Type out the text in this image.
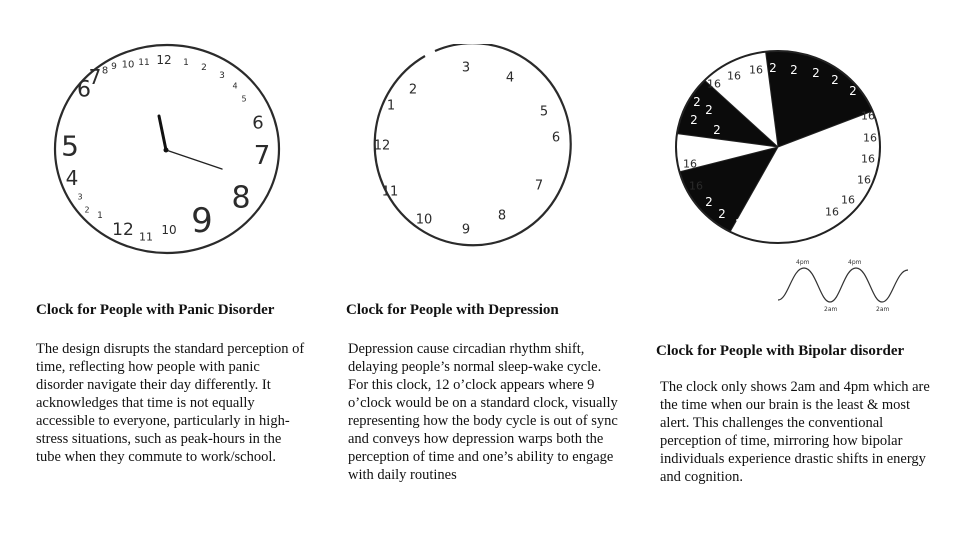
6
7 8 9 10 11 12 1 2
3
4
5
6
7
8
9
10
11
12
1
2
3
4
5
Clock for People with Panic Disorder

The design disrupts the standard perception of time, reflecting how people with panic disorder navigate their day differently. It acknowledges that time is not equally accessible to everyone, particularly in high-stress situations, such as peak-hours in the tube when they commute to work/school.

1
2
3
4
5
6
7
8
9
10
11
12
Clock for People with Depression

Depression cause circadian rhythm shift, delaying people’s normal sleep-wake cycle. For this clock, 12 o’clock appears where 9 o’clock would be on a standard clock, visually representing how the body cycle is out of sync and conveys how depression warps both the perception of time and one’s ability to engage with daily routines

2 2 2 2
2
2
2
2
2
2
2
2
2 2 2 2
16
16 16
16
16
16
16
16
16
16
16
4pm	4pm
2am	2am
Clock for People with Bipolar disorder

The clock only shows 2am and 4pm which are the time when our brain is the least & most alert. This challenges the conventional perception of time, mirroring how bipolar individuals experience drastic shifts in energy and cognition.
